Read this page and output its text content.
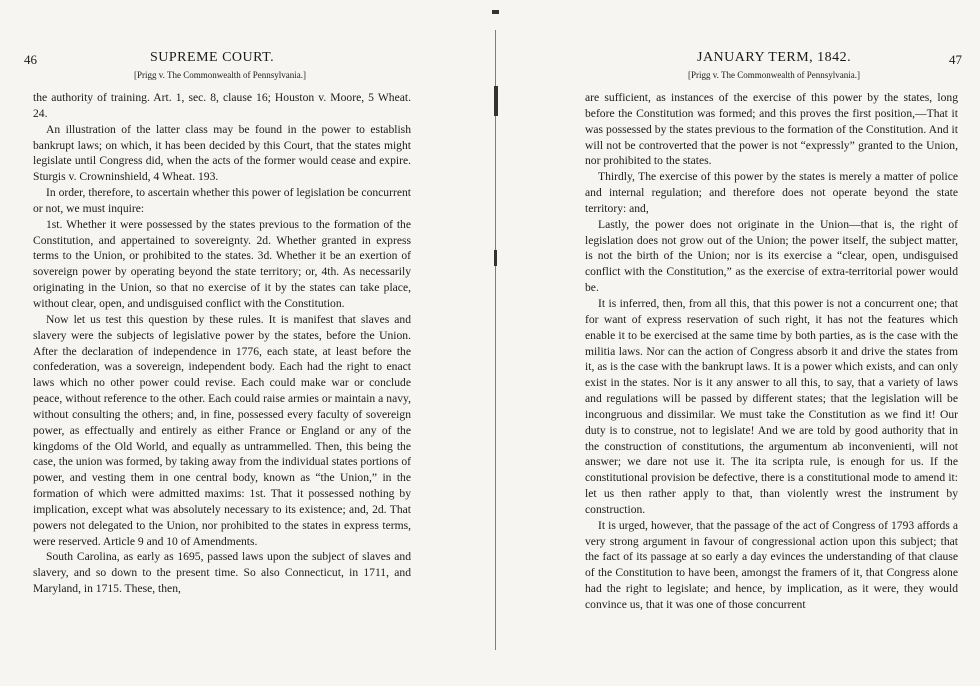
46	SUPREME COURT.
[Prigg v. The Commonwealth of Pennsylvania.]

the authority of training. Art. 1, sec. 8, clause 16; Houston v. Moore, 5 Wheat. 24.

An illustration of the latter class may be found in the power to establish bankrupt laws; on which, it has been decided by this Court, that the states might legislate until Congress did, when the acts of the former would cease and expire. Sturgis v. Crowninshield, 4 Wheat. 193.

In order, therefore, to ascertain whether this power of legislation be concurrent or not, we must inquire:

1st. Whether it were possessed by the states previous to the formation of the Constitution, and appertained to sovereignty. 2d. Whether granted in express terms to the Union, or prohibited to the states. 3d. Whether it be an exertion of sovereign power by operating beyond the state territory; or, 4th. As necessarily originating in the Union, so that no exercise of it by the states can take place, without clear, open, and undisguised conflict with the Constitution.

Now let us test this question by these rules. It is manifest that slaves and slavery were the subjects of legislative power by the states, before the Union. After the declaration of independence in 1776, each state, at least before the confederation, was a sovereign, independent body. Each had the right to enact laws which no other power could revise. Each could make war or conclude peace, without reference to the other. Each could raise armies or maintain a navy, without consulting the others; and, in fine, possessed every faculty of sovereign power, as effectually and entirely as either France or England or any of the kingdoms of the Old World, and equally as untrammelled. Then, this being the case, the union was formed, by taking away from the individual states portions of power, and vesting them in one central body, known as “the Union,” in the formation of which were admitted maxims: 1st. That it possessed nothing by implication, except what was absolutely necessary to its existence; and, 2d. That powers not delegated to the Union, nor prohibited to the states in express terms, were reserved. Article 9 and 10 of Amendments.

South Carolina, as early as 1695, passed laws upon the subject of slaves and slavery, and so down to the present time. So also Connecticut, in 1711, and Maryland, in 1715. These, then,

JANUARY TERM, 1842.	47
[Prigg v. The Commonwealth of Pennsylvania.]

are sufficient, as instances of the exercise of this power by the states, long before the Constitution was formed; and this proves the first position,—That it was possessed by the states previous to the formation of the Constitution. And it will not be controverted that the power is not “expressly” granted to the Union, nor prohibited to the states.

Thirdly, The exercise of this power by the states is merely a matter of police and internal regulation; and therefore does not operate beyond the state territory: and,

Lastly, the power does not originate in the Union—that is, the right of legislation does not grow out of the Union; the power itself, the subject matter, is not the birth of the Union; nor is its exercise a “clear, open, undisguised conflict with the Constitution,” as the exercise of extra-territorial power would be.

It is inferred, then, from all this, that this power is not a concurrent one; that for want of express reservation of such right, it has not the features which enable it to be exercised at the same time by both parties, as is the case with the militia laws. Nor can the action of Congress absorb it and drive the states from it, as is the case with the bankrupt laws. It is a power which exists, and can only exist in the states. Nor is it any answer to all this, to say, that a variety of laws and regulations will be passed by different states; that the legislation will be incongruous and dissimilar. We must take the Constitution as we find it! Our duty is to construe, not to legislate! And we are told by good authority that in the construction of constitutions, the argumentum ab inconvenienti, will not answer; we dare not use it. The ita scripta rule, is enough for us. If the constitutional provision be defective, there is a constitutional mode to amend it: let us then rather apply to that, than violently wrest the instrument by construction.

It is urged, however, that the passage of the act of Congress of 1793 affords a very strong argument in favour of congressional action upon this subject; that the fact of its passage at so early a day evinces the understanding of that clause of the Constitution to have been, amongst the framers of it, that Congress alone had the right to legislate; and hence, by implication, as it were, they would convince us, that it was one of those concurrent
